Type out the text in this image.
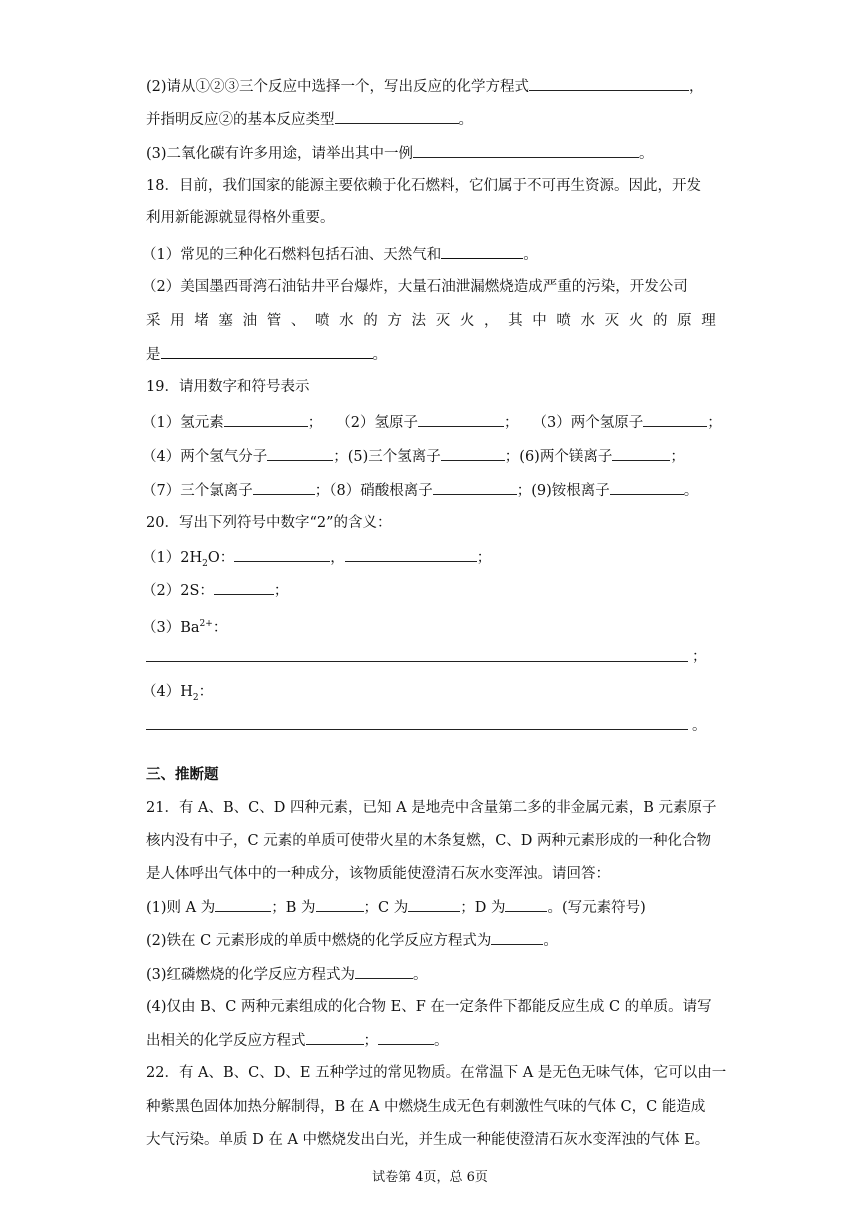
(2)请从①②③三个反应中选择一个，写出反应的化学方程式	，
并指明反应②的基本反应类型	。
(3)二氧化碳有许多用途，请举出其中一例	。
18．目前，我们国家的能源主要依赖于化石燃料，它们属于不可再生资源。因此，开发
利用新能源就显得格外重要。
（1）常见的三种化石燃料包括石油、天然气和	。
（2）美国墨西哥湾石油钻井平台爆炸，大量石油泄漏燃烧造成严重的污染，开发公司
采 用 堵 塞 油 管 、 喷 水 的 方 法 灭 火 ， 其 中 喷 水 灭 火 的 原 理
是	。
19．请用数字和符号表示
（1）氢元素	； （2）氢原子	； （3）两个氢原子	；
（4）两个氢气分子	；(5)三个氢离子	；(6)两个镁离子	；
（7）三个氯离子	；（8）硝酸根离子	；(9)铵根离子	。
20．写出下列符号中数字“2”的含义：
$(1)2H_2O$：	，	；
（2）2S：	；
$(3)Ba^{2+}$：
；
$(4)H_2$：
。
三、推断题
21．有 A、B、C、D 四种元素，已知 A 是地壳中含量第二多的非金属元素，B 元素原子
核内没有中子，C 元素的单质可使带火星的木条复燃，C、D 两种元素形成的一种化合物
是人体呼出气体中的一种成分，该物质能使澄清石灰水变浑浊。请回答：
(1)则 A 为	；B 为	；C 为	；D 为	。(写元素符号)
(2)铁在 C 元素形成的单质中燃烧的化学反应方程式为	。
(3)红磷燃烧的化学反应方程式为	。
(4)仅由 B、C 两种元素组成的化合物 E、F 在一定条件下都能反应生成 C 的单质。请写
出相关的化学反应方程式	；	。
22．有 A、B、C、D、E 五种学过的常见物质。在常温下 A 是无色无味气体，它可以由一
种紫黑色固体加热分解制得，B 在 A 中燃烧生成无色有刺激性气味的气体 C，C 能造成
大气污染。单质 D 在 A 中燃烧发出白光，并生成一种能使澄清石灰水变浑浊的气体 E。
试卷第 4页，总 6页
